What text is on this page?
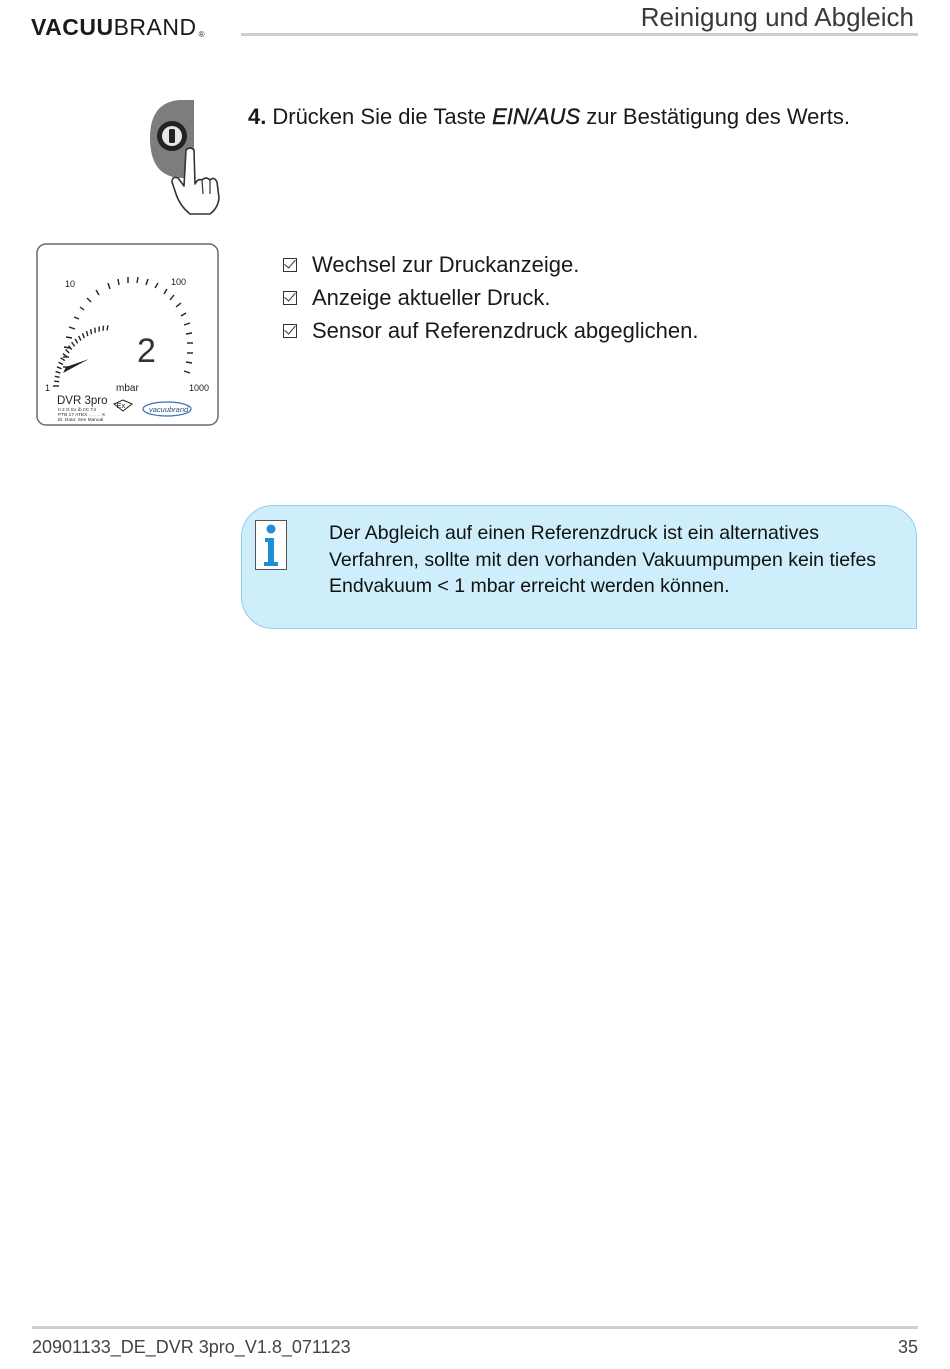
VACUUBRAND ®
Reinigung und Abgleich
4. Drücken Sie die Taste EIN/AUS zur Bestätigung des Werts.
10	100
1	1000
2
mbar
DVR 3pro Ex	vacuubrand
II 2 G Ex ib IIC T4
PTB 17 ATEX . . . . . X
El. Data: See Manual
Wechsel zur Druckanzeige.
Anzeige aktueller Druck.
Sensor auf Referenzdruck abgeglichen.
Der Abgleich auf einen Referenzdruck ist ein alternatives Verfahren, sollte mit den vorhanden Vakuumpumpen kein tiefes Endvakuum < 1 mbar erreicht werden können.
20901133_DE_DVR 3pro_V1.8_071123	35
